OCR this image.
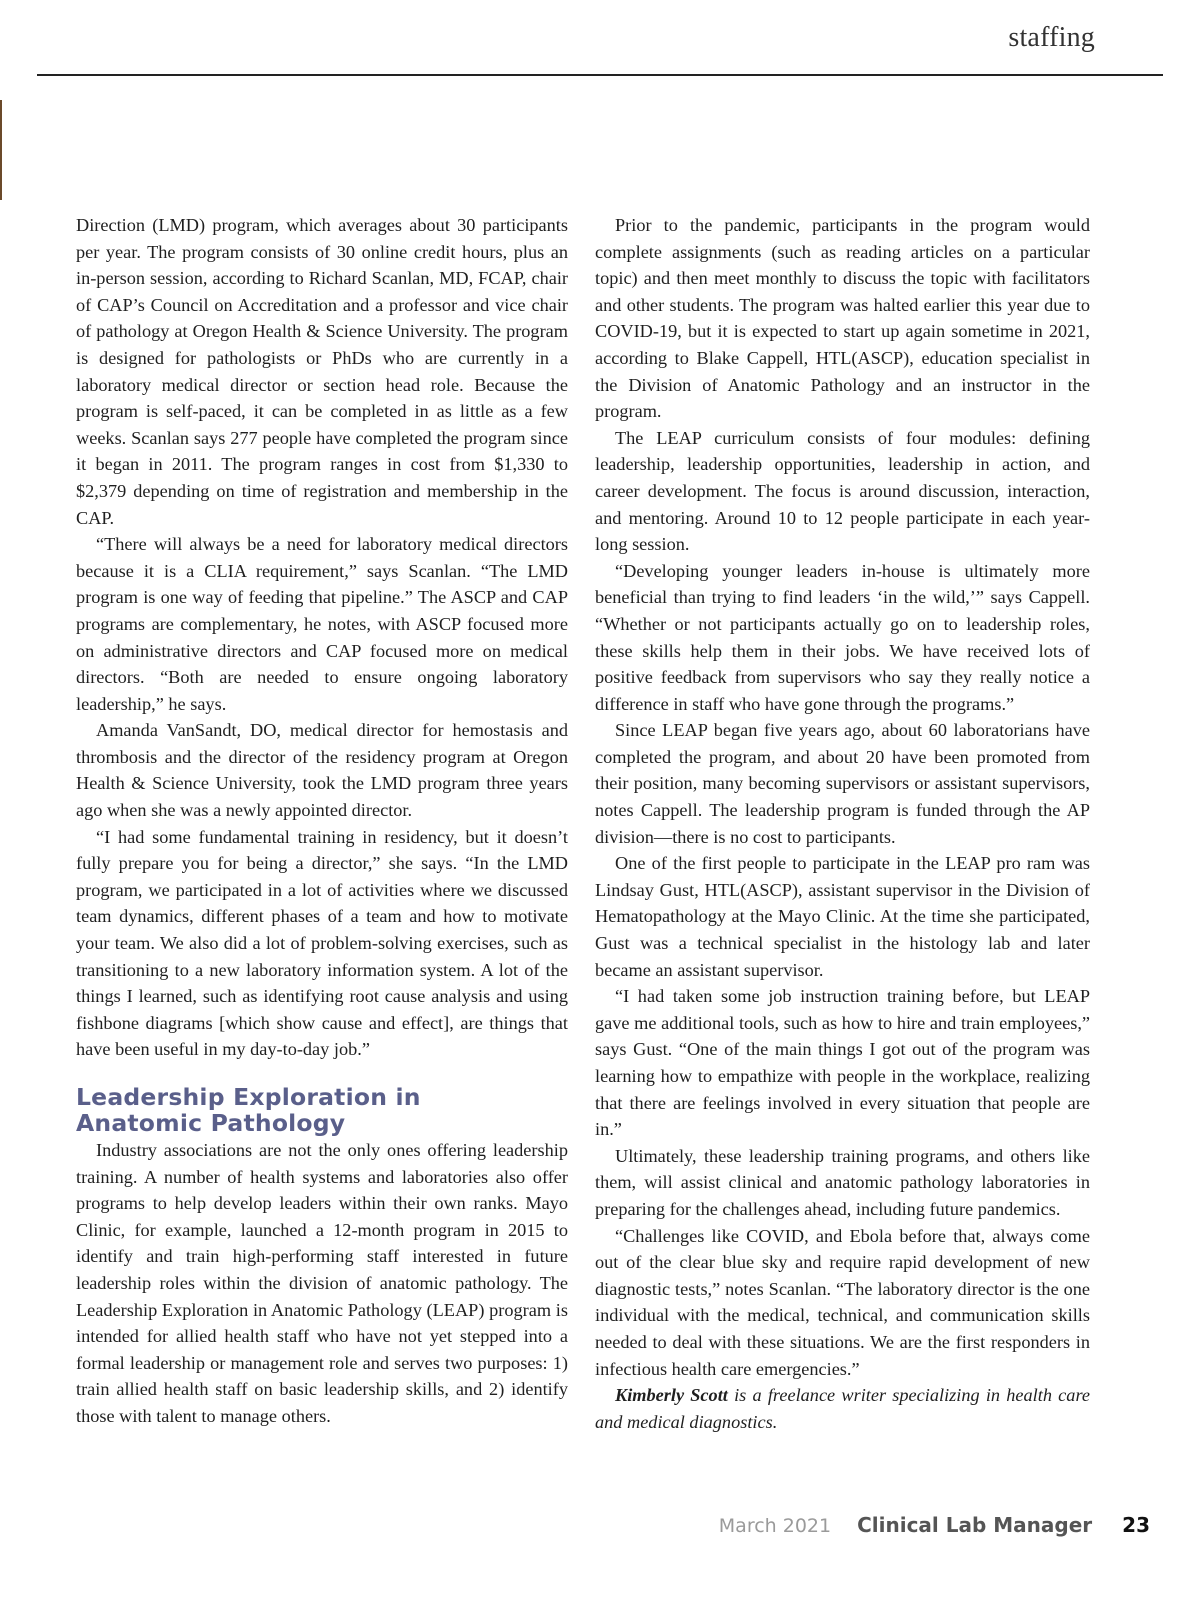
staffing

Direction (LMD) program, which averages about 30 participants per year. The program consists of 30 online credit hours, plus an in-person session, according to Richard Scanlan, MD, FCAP, chair of CAP’s Council on Accreditation and a professor and vice chair of pathology at Oregon Health & Science University. The program is designed for pathologists or PhDs who are currently in a laboratory medical director or section head role. Because the program is self-paced, it can be completed in as little as a few weeks. Scanlan says 277 people have completed the program since it began in 2011. The program ranges in cost from $1,330 to $2,379 depending on time of registration and membership in the CAP.

“There will always be a need for laboratory medical directors because it is a CLIA requirement,” says Scanlan. “The LMD program is one way of feeding that pipeline.” The ASCP and CAP programs are complementary, he notes, with ASCP focused more on administrative directors and CAP focused more on medical directors. “Both are needed to ensure ongoing laboratory leadership,” he says.

Amanda VanSandt, DO, medical director for hemostasis and thrombosis and the director of the residency program at Oregon Health & Science University, took the LMD program three years ago when she was a newly appointed director.

“I had some fundamental training in residency, but it doesn’t fully prepare you for being a director,” she says. “In the LMD program, we participated in a lot of activities where we discussed team dynamics, different phases of a team and how to motivate your team. We also did a lot of problem-solving exercises, such as transitioning to a new laboratory information system. A lot of the things I learned, such as identifying root cause analysis and using fishbone diagrams [which show cause and effect], are things that have been useful in my day-to-day job.”

Leadership Exploration in
Anatomic Pathology

Industry associations are not the only ones offering leadership training. A number of health systems and laboratories also offer programs to help develop leaders within their own ranks. Mayo Clinic, for example, launched a 12-month program in 2015 to identify and train high-performing staff interested in future leadership roles within the division of anatomic pathology. The Leadership Exploration in Anatomic Pathology (LEAP) program is intended for allied health staff who have not yet stepped into a formal leadership or management role and serves two purposes: 1) train allied health staff on basic leadership skills, and 2) identify those with talent to manage others.

Prior to the pandemic, participants in the program would complete assignments (such as reading articles on a particular topic) and then meet monthly to discuss the topic with facilitators and other students. The program was halted earlier this year due to COVID-19, but it is expected to start up again sometime in 2021, according to Blake Cappell, HTL(ASCP), education specialist in the Division of Anatomic Pathology and an instructor in the program.

The LEAP curriculum consists of four modules: defining leadership, leadership opportunities, leadership in action, and career development. The focus is around discussion, interaction, and mentoring. Around 10 to 12 people participate in each year-long session.

“Developing younger leaders in-house is ultimately more beneficial than trying to find leaders ‘in the wild,’” says Cappell. “Whether or not participants actually go on to leadership roles, these skills help them in their jobs. We have received lots of positive feedback from supervisors who say they really notice a difference in staff who have gone through the programs.”

Since LEAP began five years ago, about 60 laboratorians have completed the program, and about 20 have been promoted from their position, many becoming supervisors or assistant supervisors, notes Cappell. The leadership program is funded through the AP division—there is no cost to participants.

One of the first people to participate in the LEAP pro ram was Lindsay Gust, HTL(ASCP), assistant supervisor in the Division of Hematopathology at the Mayo Clinic. At the time she participated, Gust was a technical specialist in the histology lab and later became an assistant supervisor.

“I had taken some job instruction training before, but LEAP gave me additional tools, such as how to hire and train employees,” says Gust. “One of the main things I got out of the program was learning how to empathize with people in the workplace, realizing that there are feelings involved in every situation that people are in.”

Ultimately, these leadership training programs, and others like them, will assist clinical and anatomic pathology laboratories in preparing for the challenges ahead, including future pandemics.

“Challenges like COVID, and Ebola before that, always come out of the clear blue sky and require rapid development of new diagnostic tests,” notes Scanlan. “The laboratory director is the one individual with the medical, technical, and communication skills needed to deal with these situations. We are the first responders in infectious health care emergencies.”

Kimberly Scott is a freelance writer specializing in health care and medical diagnostics.

March 2021 Clinical Lab Manager 23
